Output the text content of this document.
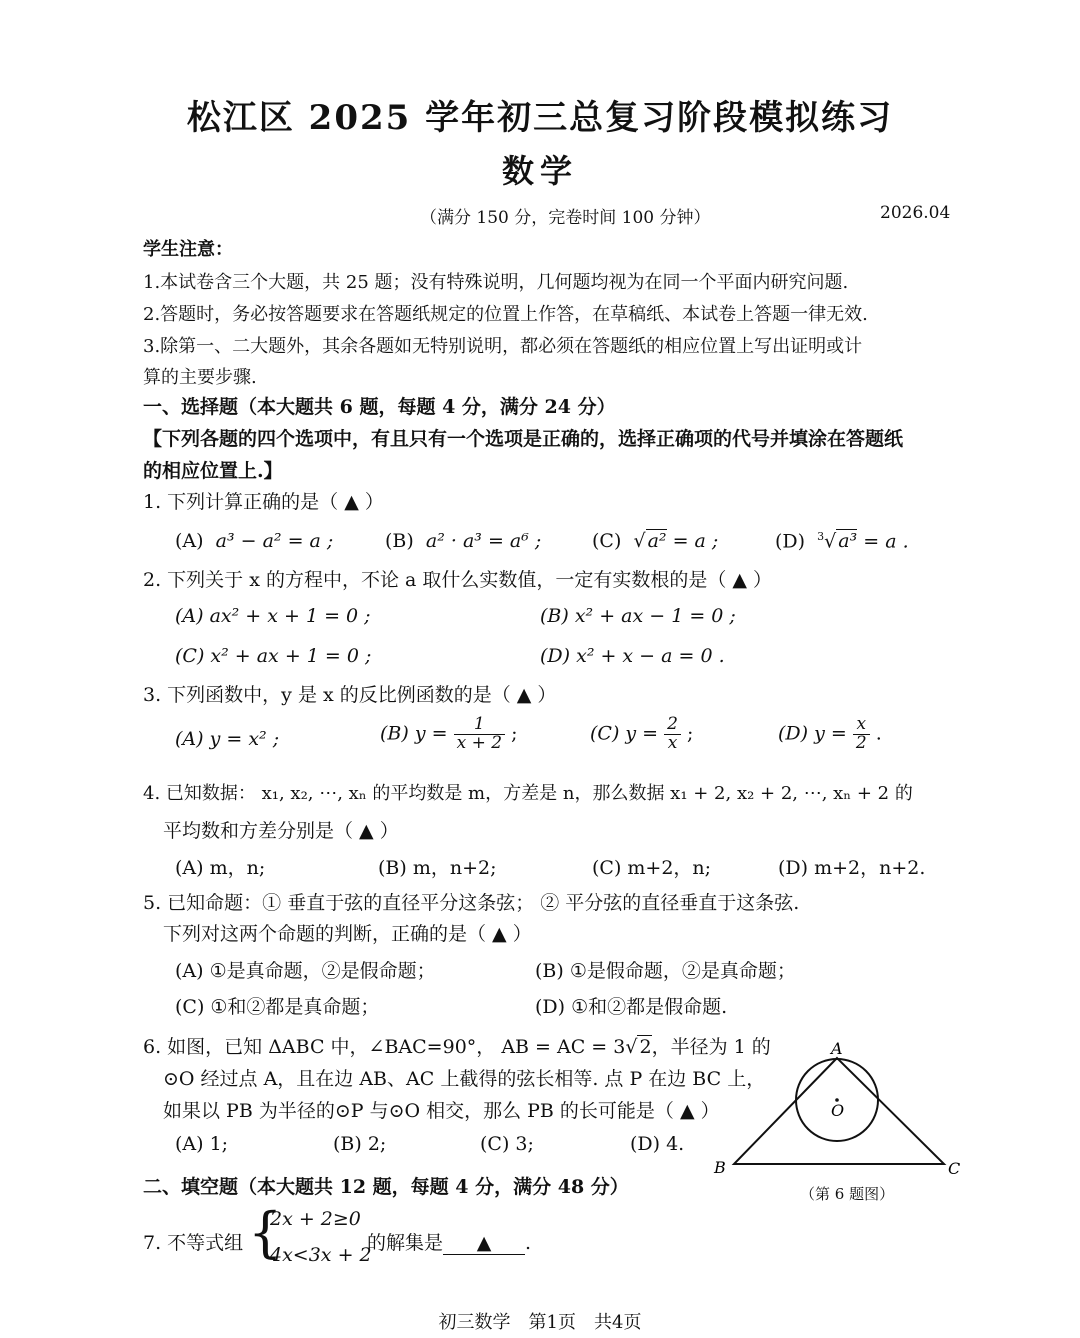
松江区 2025 学年初三总复习阶段模拟练习
数学
（满分 150 分，完卷时间 100 分钟）	2026.04
学生注意：
1.本试卷含三个大题，共 25 题；没有特殊说明，几何题均视为在同一个平面内研究问题.
2.答题时，务必按答题要求在答题纸规定的位置上作答，在草稿纸、本试卷上答题一律无效.
3.除第一、二大题外，其余各题如无特别说明，都必须在答题纸的相应位置上写出证明或计
算的主要步骤.
一、选择题（本大题共 6 题，每题 4 分，满分 24 分）
【下列各题的四个选项中，有且只有一个选项是正确的，选择正确项的代号并填涂在答题纸
的相应位置上.】
1. 下列计算正确的是（ ▲ ）
(A) a³ − a² = a ;	(B) a² · a³ = a⁶ ;	(C)  √ a² = a ;	(D) $^3$√ a³ = a .
2. 下列关于 x 的方程中，不论 a 取什么实数值，一定有实数根的是（ ▲ ）
(A) ax² + x + 1 = 0 ;	(B) x² + ax − 1 = 0 ;
(C) x² + ax + 1 = 0 ;	(D) x² + x − a = 0 .
3. 下列函数中，y 是 x 的反比例函数的是（ ▲ ）
(A) y = x² ;	(B) $y = \frac{1}{x + 2}$ ;	(C) $y = \frac{2}{x}$ ;	(D) $y = \frac{x}{2}$ .
4. 已知数据： x₁, x₂, ⋯, xₙ 的平均数是 m，方差是 n，那么数据 x₁ + 2, x₂ + 2, ⋯, xₙ + 2 的
平均数和方差分别是（ ▲ ）
(A) m，n;	(B) m，n+2;	(C) m+2，n;	(D) m+2，n+2.
5. 已知命题：① 垂直于弦的直径平分这条弦； ② 平分弦的直径垂直于这条弦.
下列对这两个命题的判断，正确的是（ ▲ ）
(A) ①是真命题，②是假命题；	(B) ①是假命题，②是真命题；
(C) ①和②都是真命题；	(D) ①和②都是假命题.
6. 如图，已知 ΔABC 中，∠BAC=90°， AB = AC = 3√ 2，半径为 1 的
⊙O 经过点 A，且在边 AB、AC 上截得的弦长相等. 点 P 在边 BC 上，
如果以 PB 为半径的⊙P 与⊙O 相交，那么 PB 的长可能是（ ▲ ）
(A) 1;	(B) 2;	(C) 3;	(D) 4.
A
B	C
O
（第 6 题图）
二、填空题（本大题共 12 题，每题 4 分，满分 48 分）
7. 不等式组 {
2x + 2≥0
4x<3x + 2
的解集是 ▲ .
初三数学　第1页　共4页
